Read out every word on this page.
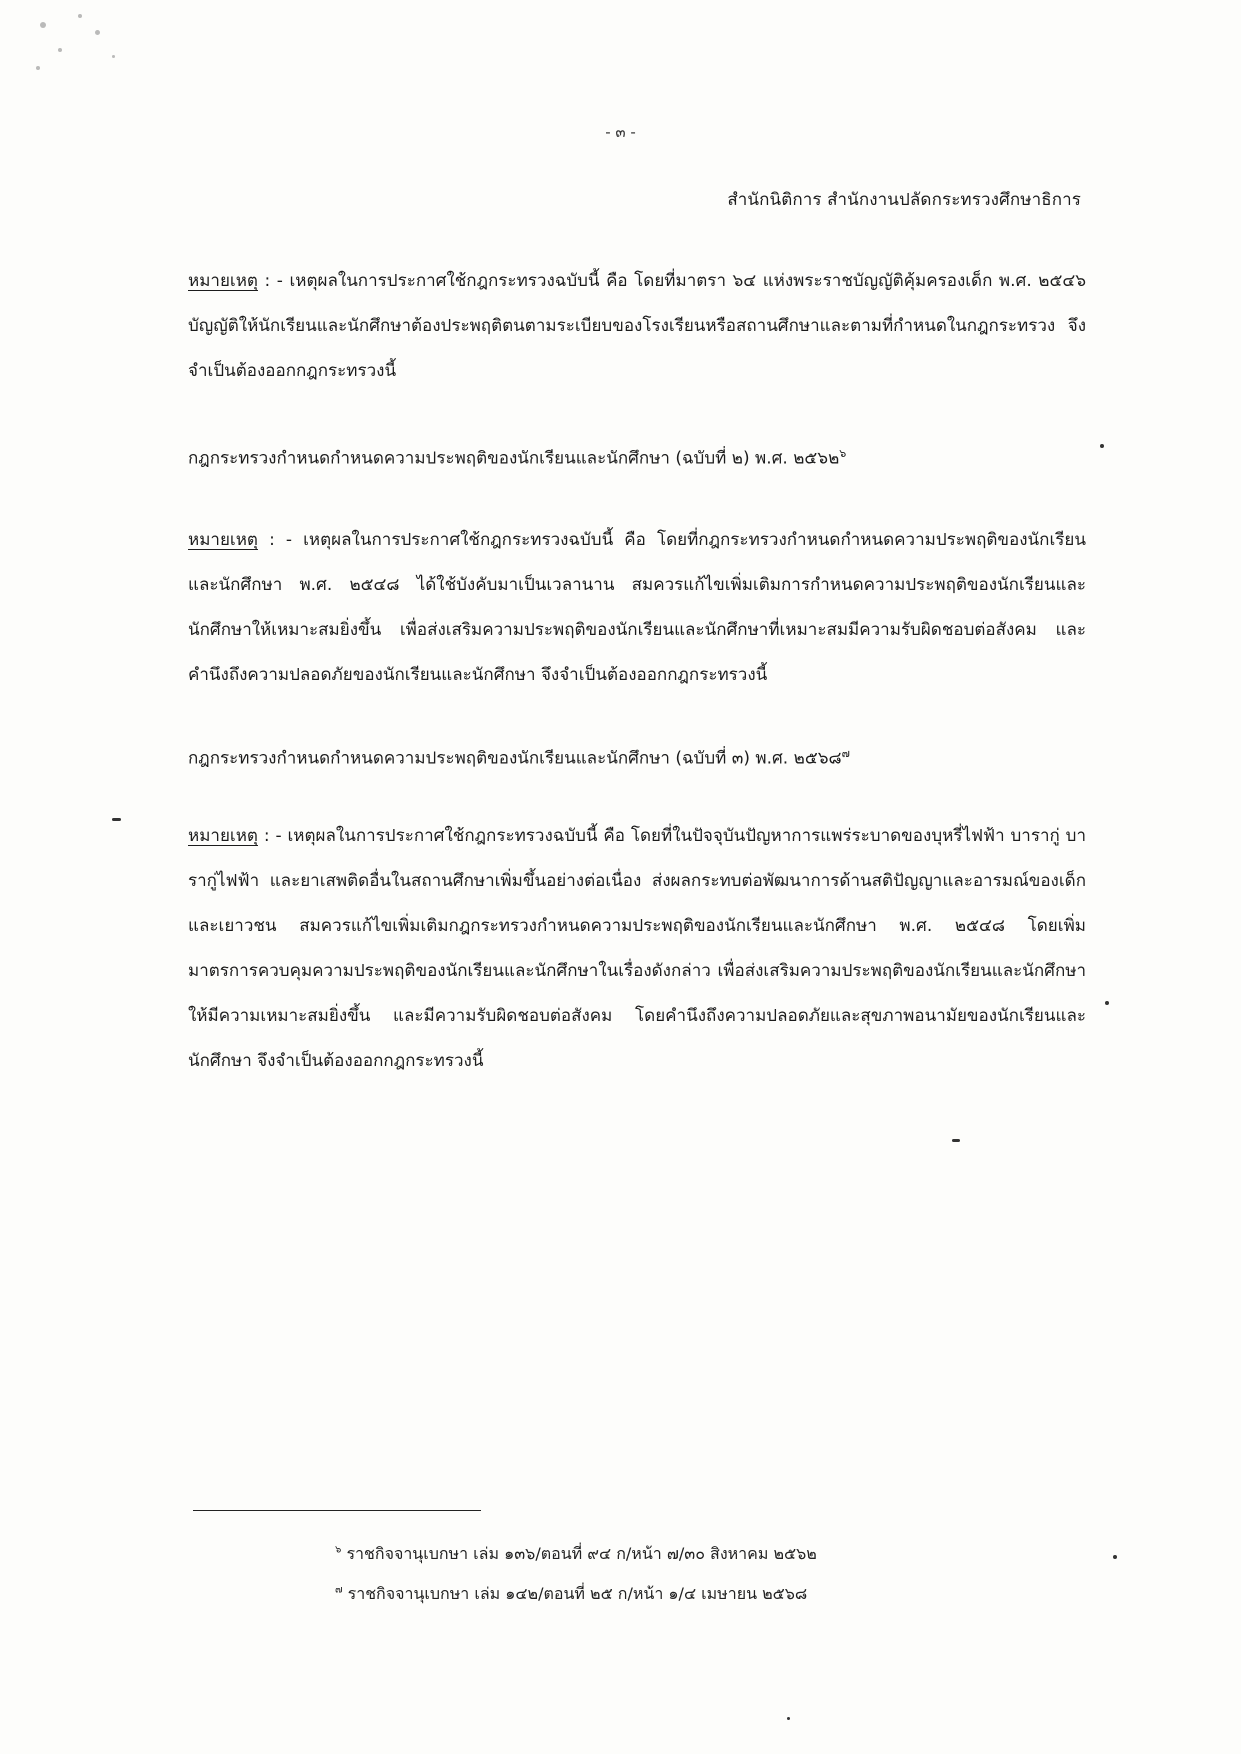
- ๓ -
สำนักนิติการ สำนักงานปลัดกระทรวงศึกษาธิการ
หมายเหตุ : - เหตุผลในการประกาศใช้กฎกระทรวงฉบับนี้ คือ โดยที่มาตรา ๖๔ แห่งพระราชบัญญัติคุ้มครองเด็ก พ.ศ. ๒๕๔๖ บัญญัติให้นักเรียนและนักศึกษาต้องประพฤติตนตามระเบียบของโรงเรียนหรือสถานศึกษาและตามที่กำหนดในกฎกระทรวง จึงจำเป็นต้องออกกฎกระทรวงนี้
กฎกระทรวงกำหนดกำหนดความประพฤติของนักเรียนและนักศึกษา (ฉบับที่ ๒) พ.ศ. ๒๕๖๒$^๖$
หมายเหตุ : - เหตุผลในการประกาศใช้กฎกระทรวงฉบับนี้ คือ โดยที่กฎกระทรวงกำหนดกำหนดความประพฤติของนักเรียนและนักศึกษา พ.ศ. ๒๕๔๘ ได้ใช้บังคับมาเป็นเวลานาน สมควรแก้ไขเพิ่มเติมการกำหนดความประพฤติของนักเรียนและนักศึกษาให้เหมาะสมยิ่งขึ้น เพื่อส่งเสริมความประพฤติของนักเรียนและนักศึกษาที่เหมาะสมมีความรับผิดชอบต่อสังคม และคำนึงถึงความปลอดภัยของนักเรียนและนักศึกษา จึงจำเป็นต้องออกกฎกระทรวงนี้
กฎกระทรวงกำหนดกำหนดความประพฤติของนักเรียนและนักศึกษา (ฉบับที่ ๓) พ.ศ. ๒๕๖๘$^๗$
หมายเหตุ : - เหตุผลในการประกาศใช้กฎกระทรวงฉบับนี้ คือ โดยที่ในปัจจุบันปัญหาการแพร่ระบาดของบุหรี่ไฟฟ้า บารากู่ บารากู่ไฟฟ้า และยาเสพติดอื่นในสถานศึกษาเพิ่มขึ้นอย่างต่อเนื่อง ส่งผลกระทบต่อพัฒนาการด้านสติปัญญาและอารมณ์ของเด็กและเยาวชน สมควรแก้ไขเพิ่มเติมกฎกระทรวงกำหนดความประพฤติของนักเรียนและนักศึกษา พ.ศ. ๒๕๔๘ โดยเพิ่มมาตรการควบคุมความประพฤติของนักเรียนและนักศึกษาในเรื่องดังกล่าว เพื่อส่งเสริมความประพฤติของนักเรียนและนักศึกษาให้มีความเหมาะสมยิ่งขึ้น และมีความรับผิดชอบต่อสังคม โดยคำนึงถึงความปลอดภัยและสุขภาพอนามัยของนักเรียนและนักศึกษา จึงจำเป็นต้องออกกฎกระทรวงนี้
$^๖$ ราชกิจจานุเบกษา เล่ม ๑๓๖/ตอนที่ ๙๔ ก/หน้า ๗/๓๐ สิงหาคม ๒๕๖๒
$^๗$ ราชกิจจานุเบกษา เล่ม ๑๔๒/ตอนที่ ๒๕ ก/หน้า ๑/๔ เมษายน ๒๕๖๘
